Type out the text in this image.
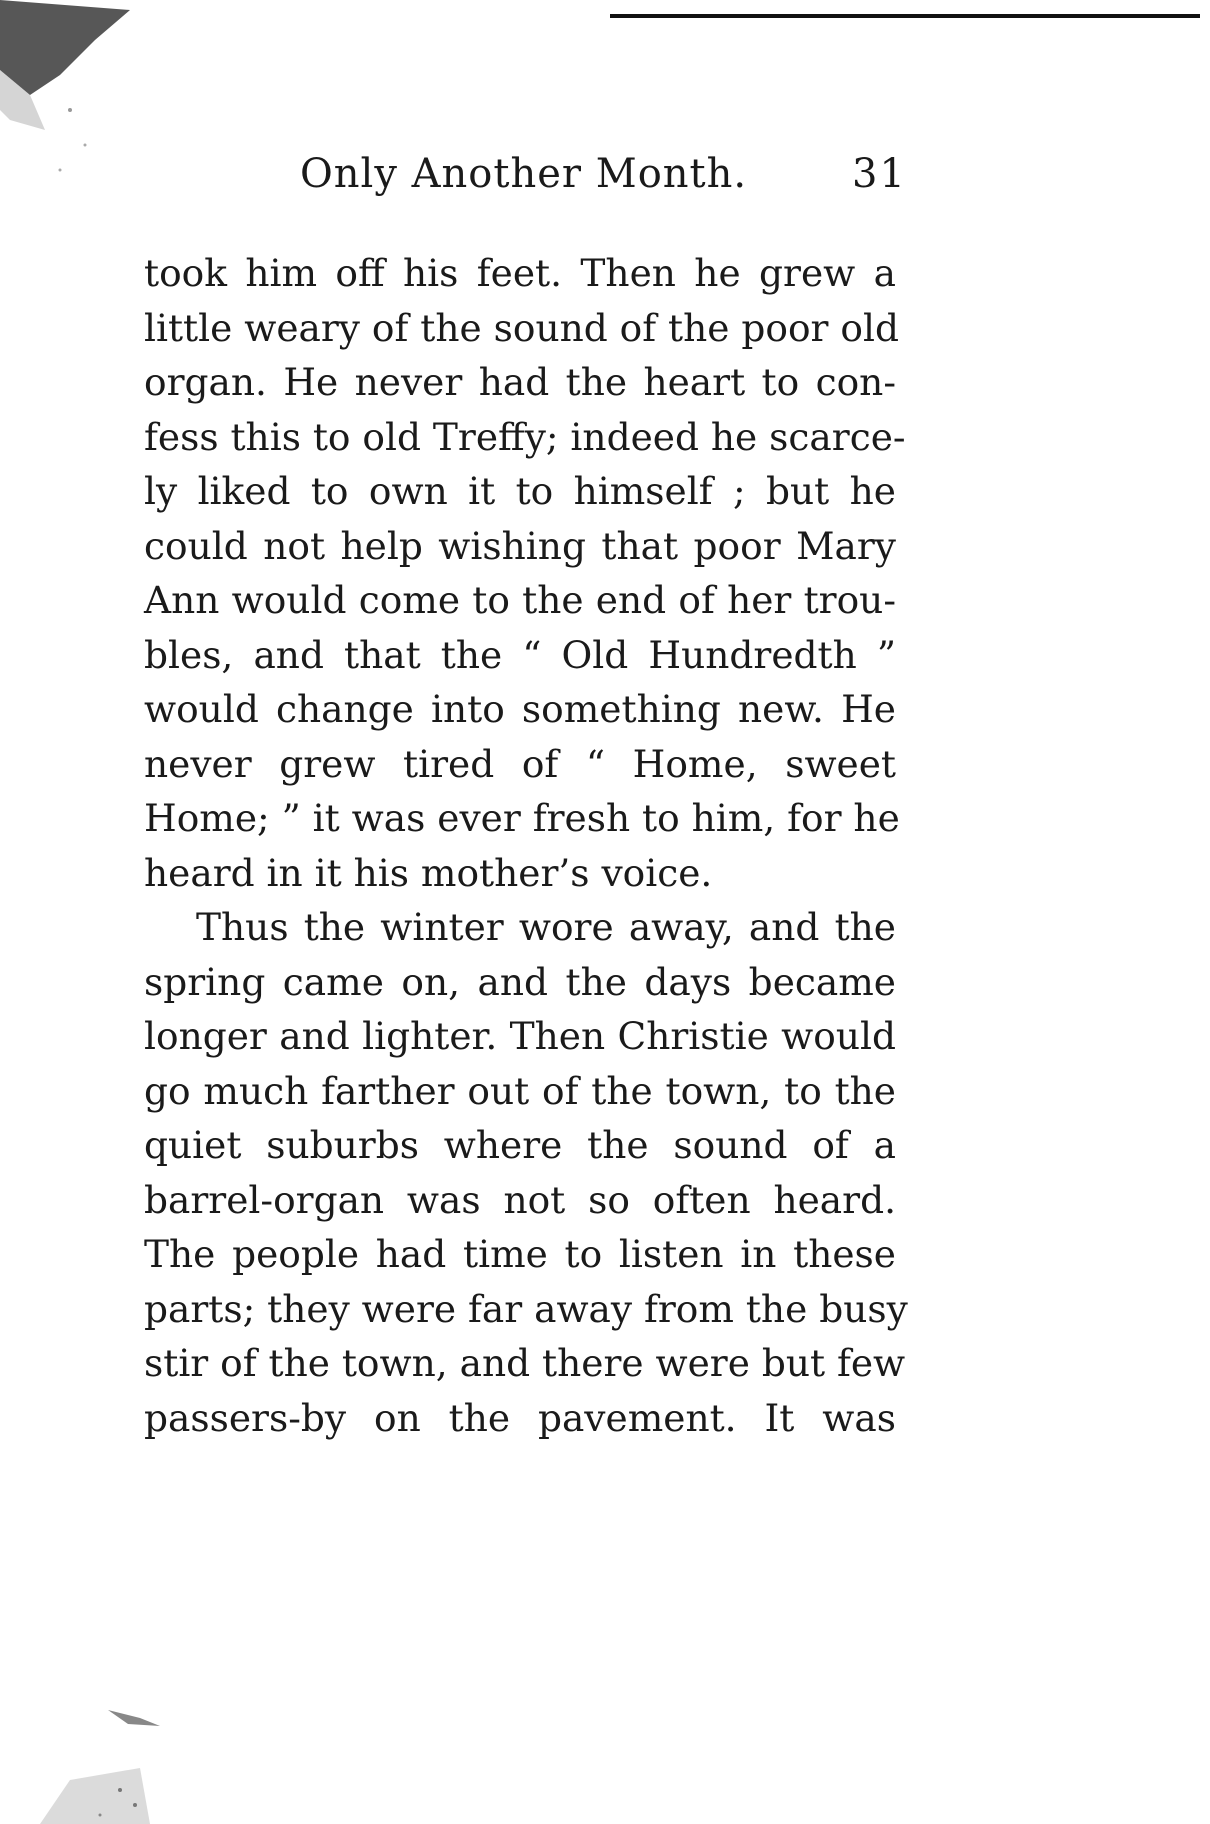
Only Another Month.	31
took him off his feet. Then he grew a
little weary of the sound of the poor old
organ. He never had the heart to con-
fess this to old Treffy; indeed he scarce-
ly liked to own it to himself ; but he
could not help wishing that poor Mary
Ann would come to the end of her trou-
bles, and that the “ Old Hundredth ”
would change into something new. He
never grew tired of “ Home, sweet
Home; ” it was ever fresh to him, for he
heard in it his mother’s voice.
Thus the winter wore away, and the
spring came on, and the days became
longer and lighter. Then Christie would
go much farther out of the town, to the
quiet suburbs where the sound of a
barrel-organ was not so often heard.
The people had time to listen in these
parts; they were far away from the busy
stir of the town, and there were but few
passers-by on the pavement. It was
